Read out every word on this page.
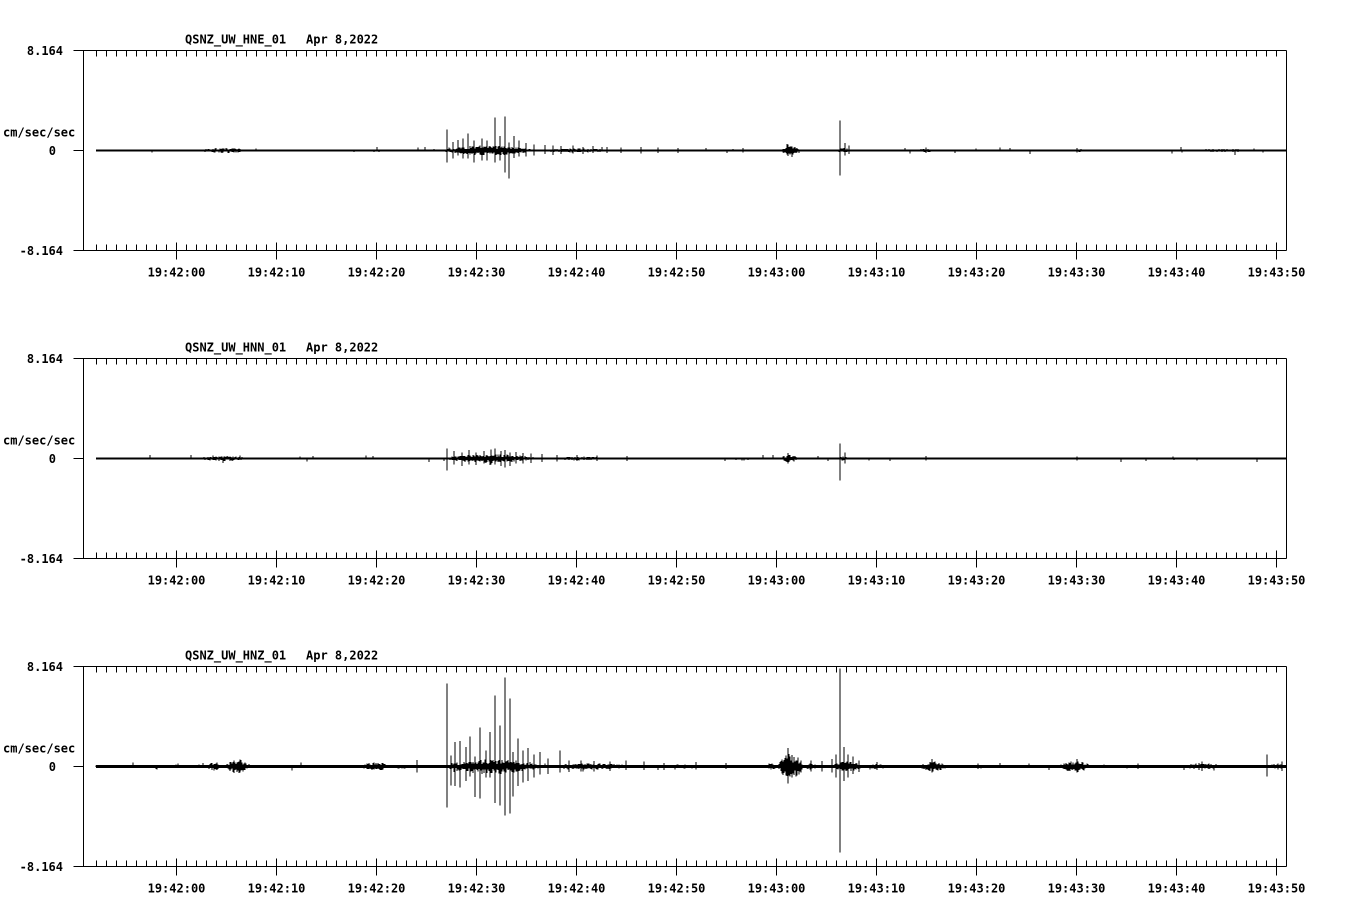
QSNZ_UW_HNE_01 Apr 8,2022
8.164
0
-8.164
cm/sec/sec
19:42:00	19:42:10	19:42:20	19:42:30	19:42:40	19:42:50	19:43:00	19:43:10	19:43:20	19:43:30	19:43:40	19:43:50
QSNZ_UW_HNN_01 Apr 8,2022
8.164
0
-8.164
cm/sec/sec
19:42:00	19:42:10	19:42:20	19:42:30	19:42:40	19:42:50	19:43:00	19:43:10	19:43:20	19:43:30	19:43:40	19:43:50
QSNZ_UW_HNZ_01 Apr 8,2022
8.164
0
-8.164
cm/sec/sec
19:42:00	19:42:10	19:42:20	19:42:30	19:42:40	19:42:50	19:43:00	19:43:10	19:43:20	19:43:30	19:43:40	19:43:50
